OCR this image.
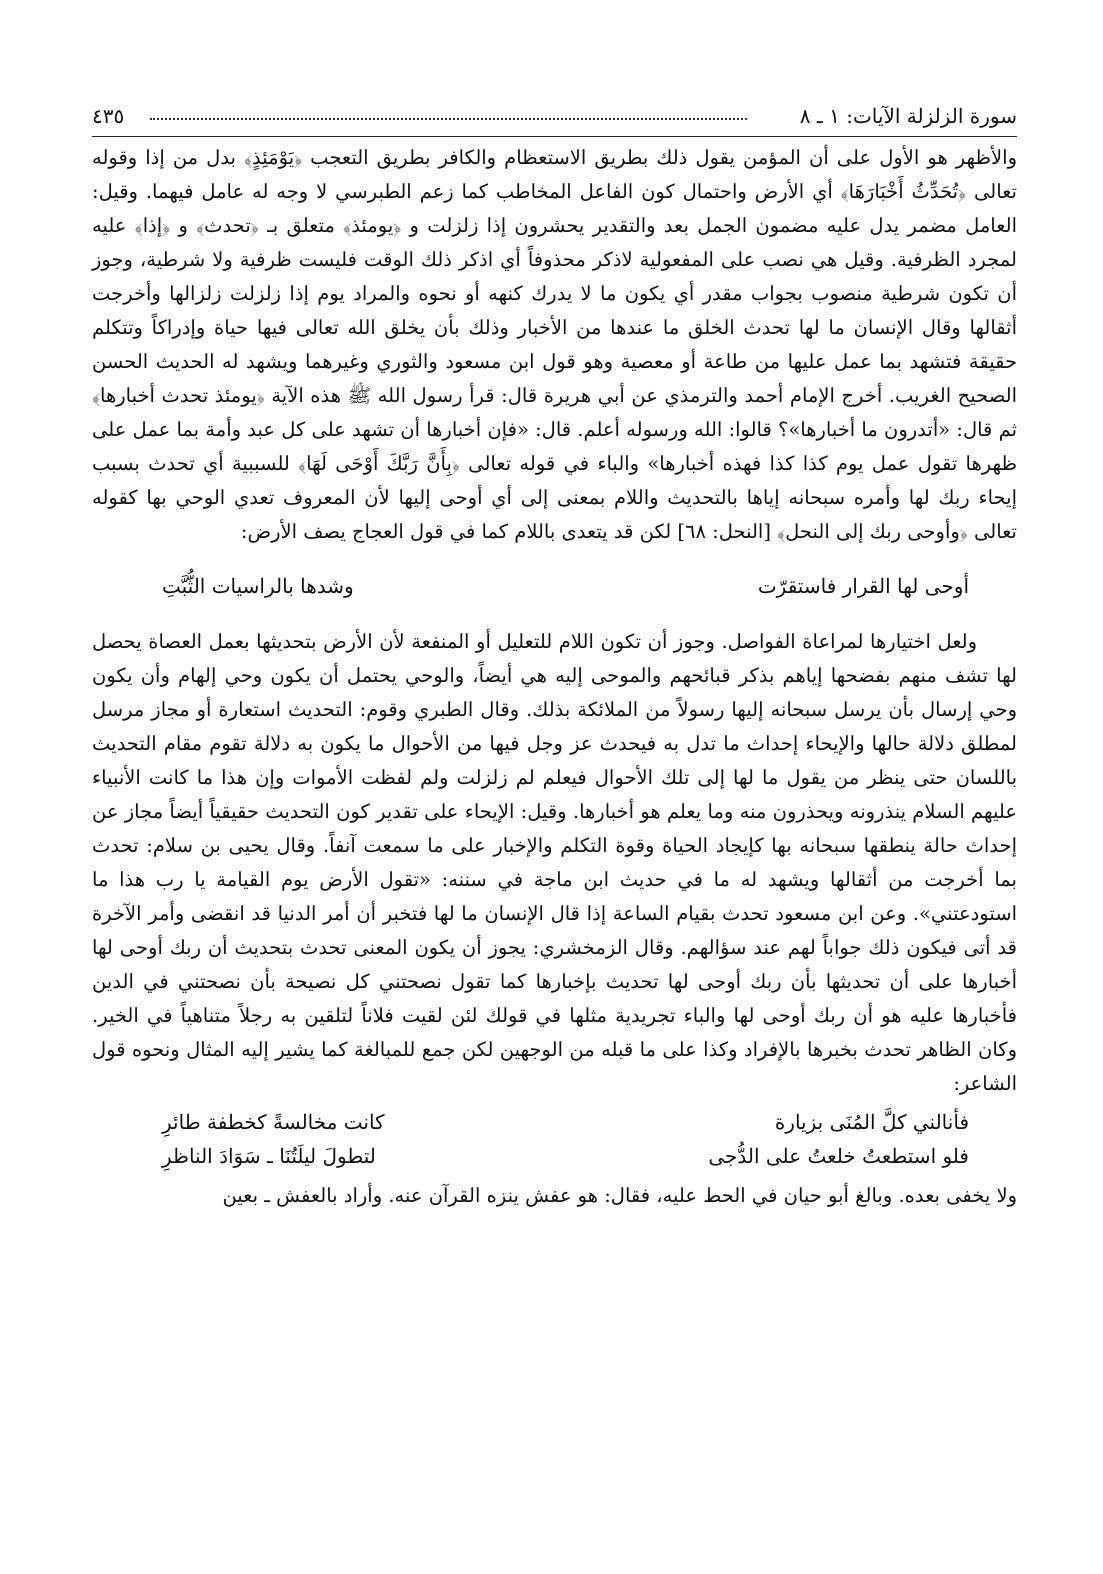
سورة الزلزلة الآيات: ١ ـ ٨
٤٣٥

والأظهر هو الأول على أن المؤمن يقول ذلك بطريق الاستعظام والكافر بطريق التعجب ﴿يَوْمَئِذٍ﴾ بدل من إذا وقوله تعالى ﴿تُحَدِّثُ أَخْبَارَهَا﴾ أي الأرض واحتمال كون الفاعل المخاطب كما زعم الطبرسي لا وجه له عامل فيهما. وقيل: العامل مضمر يدل عليه مضمون الجمل بعد والتقدير يحشرون إذا زلزلت و ﴿يومئذ﴾ متعلق بـ ﴿تحدث﴾ و ﴿إذا﴾ عليه لمجرد الظرفية. وقيل هي نصب على المفعولية لاذكر محذوفاً أي اذكر ذلك الوقت فليست ظرفية ولا شرطية، وجوز أن تكون شرطية منصوب بجواب مقدر أي يكون ما لا يدرك كنهه أو نحوه والمراد يوم إذا زلزلت زلزالها وأخرجت أثقالها وقال الإنسان ما لها تحدث الخلق ما عندها من الأخبار وذلك بأن يخلق الله تعالى فيها حياة وإدراكاً وتتكلم حقيقة فتشهد بما عمل عليها من طاعة أو معصية وهو قول ابن مسعود والثوري وغيرهما ويشهد له الحديث الحسن الصحيح الغريب. أخرج الإمام أحمد والترمذي عن أبي هريرة قال: قرأ رسول الله ﷺ هذه الآية ﴿يومئذ تحدث أخبارها﴾ ثم قال: «أتدرون ما أخبارها»؟ قالوا: الله ورسوله أعلم. قال: «فإن أخبارها أن تشهد على كل عبد وأمة بما عمل على ظهرها تقول عمل يوم كذا كذا فهذه أخبارها» والباء في قوله تعالى ﴿بِأَنَّ رَبَّكَ أَوْحَى لَهَا﴾ للسببية أي تحدث بسبب إيحاء ربك لها وأمره سبحانه إياها بالتحديث واللام بمعنى إلى أي أوحى إليها لأن المعروف تعدي الوحي بها كقوله تعالى ﴿وأوحى ربك إلى النحل﴾ [النحل: ٦٨] لكن قد يتعدى باللام كما في قول العجاج يصف الأرض:

أوحى لها القرار فاستقرّت
وشدها بالراسيات الثُّبَّتِ

ولعل اختيارها لمراعاة الفواصل. وجوز أن تكون اللام للتعليل أو المنفعة لأن الأرض بتحديثها بعمل العصاة يحصل لها تشف منهم بفضحها إياهم بذكر قبائحهم والموحى إليه هي أيضاً، والوحي يحتمل أن يكون وحي إلهام وأن يكون وحي إرسال بأن يرسل سبحانه إليها رسولاً من الملائكة بذلك. وقال الطبري وقوم: التحديث استعارة أو مجاز مرسل لمطلق دلالة حالها والإيحاء إحداث ما تدل به فيحدث عز وجل فيها من الأحوال ما يكون به دلالة تقوم مقام التحديث باللسان حتى ينظر من يقول ما لها إلى تلك الأحوال فيعلم لم زلزلت ولم لفظت الأموات وإن هذا ما كانت الأنبياء عليهم السلام ينذرونه ويحذرون منه وما يعلم هو أخبارها. وقيل: الإيحاء على تقدير كون التحديث حقيقياً أيضاً مجاز عن إحداث حالة ينطقها سبحانه بها كإيجاد الحياة وقوة التكلم والإخبار على ما سمعت آنفاً. وقال يحيى بن سلام: تحدث بما أخرجت من أثقالها ويشهد له ما في حديث ابن ماجة في سننه: «تقول الأرض يوم القيامة يا رب هذا ما استودعتني». وعن ابن مسعود تحدث بقيام الساعة إذا قال الإنسان ما لها فتخبر أن أمر الدنيا قد انقضى وأمر الآخرة قد أتى فيكون ذلك جواباً لهم عند سؤالهم. وقال الزمخشري: يجوز أن يكون المعنى تحدث بتحديث أن ربك أوحى لها أخبارها على أن تحديثها بأن ربك أوحى لها تحديث بإخبارها كما تقول نصحتني كل نصيحة بأن نصحتني في الدين فأخبارها عليه هو أن ربك أوحى لها والباء تجريدية مثلها في قولك لئن لقيت فلاناً لتلقين به رجلاً متناهياً في الخير. وكان الظاهر تحدث بخبرها بالإفراد وكذا على ما قبله من الوجهين لكن جمع للمبالغة كما يشير إليه المثال ونحوه قول الشاعر:

فأنالني كلَّ المُنَى بزيارة
كانت مخالسةً كخطفة طائرِ
فلو استطعتُ خلعتُ على الدُّجى
لتطولَ ليلَتُنَا ـ سَوَادَ الناظرِ

ولا يخفى بعده. وبالغ أبو حيان في الحط عليه، فقال: هو عفش ينزه القرآن عنه. وأراد بالعفش ـ بعين
